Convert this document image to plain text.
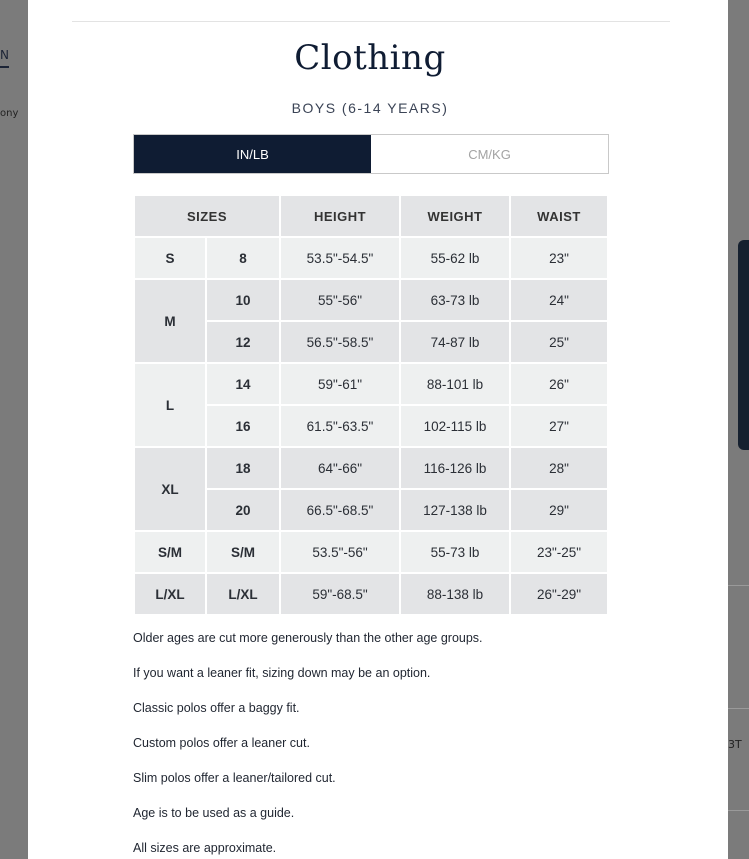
N
ony
3T
Clothing
BOYS (6-14 YEARS)
IN/LB	CM/KG
SIZES		HEIGHT	WEIGHT	WAIST
S	8	53.5"-54.5"	55-62 lb	23"
M	10	55"-56"	63-73 lb	24"
	12	56.5"-58.5"	74-87 lb	25"
L	14	59"-61"	88-101 lb	26"
	16	61.5"-63.5"	102-115 lb	27"
XL	18	64"-66"	116-126 lb	28"
	20	66.5"-68.5"	127-138 lb	29"
S/M	S/M	53.5"-56"	55-73 lb	23"-25"
L/XL	L/XL	59"-68.5"	88-138 lb	26"-29"
Older ages are cut more generously than the other age groups.
If you want a leaner fit, sizing down may be an option.
Classic polos offer a baggy fit.
Custom polos offer a leaner cut.
Slim polos offer a leaner/tailored cut.
Age is to be used as a guide.
All sizes are approximate.
